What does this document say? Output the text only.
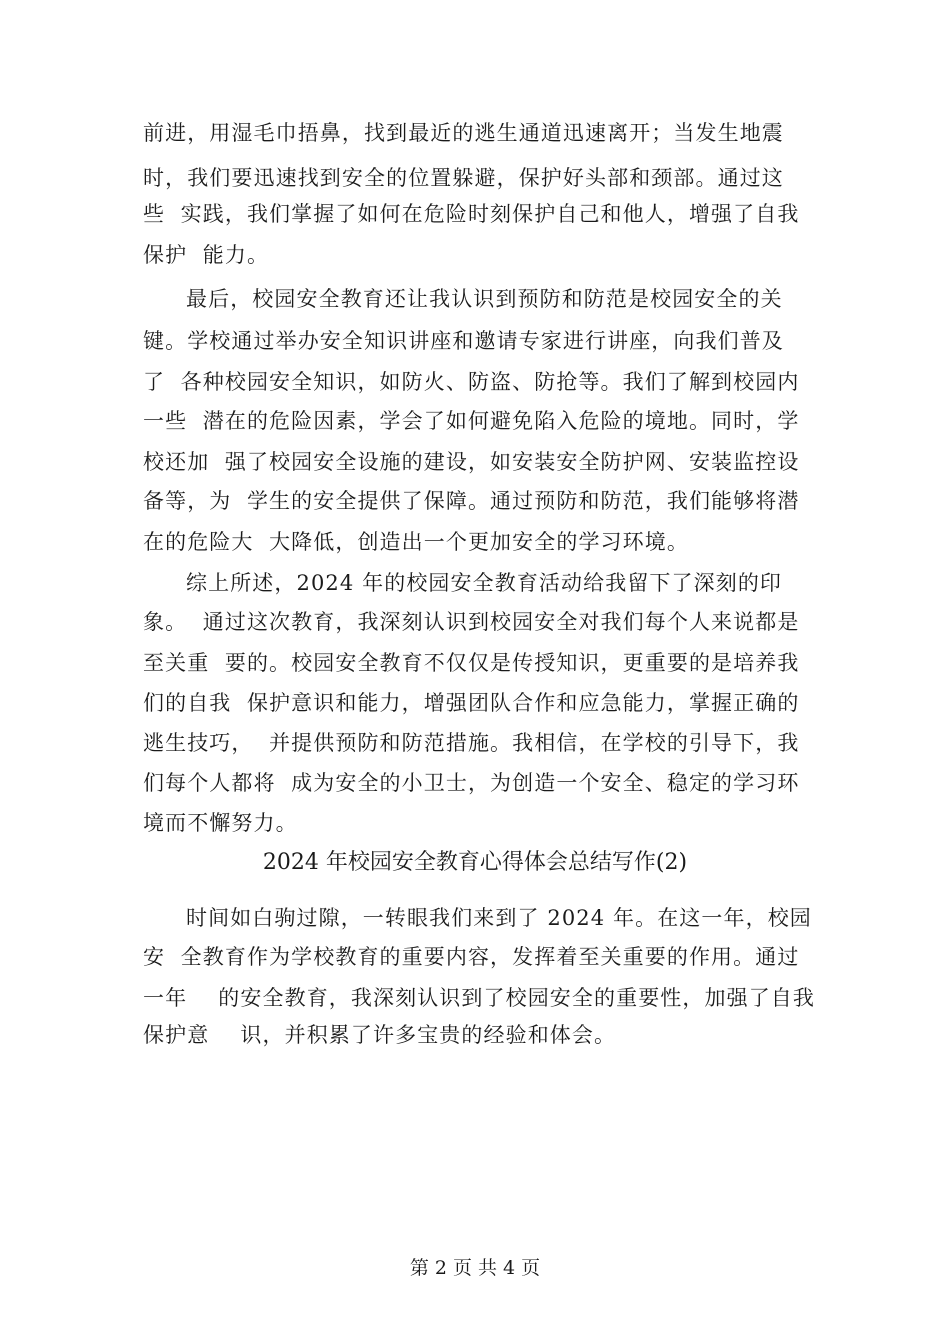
前进，用湿毛巾捂鼻，找到最近的逃生通道迅速离开；当发生地震
时，我们要迅速找到安全的位置躲避，保护好头部和颈部。通过这
些  实践，我们掌握了如何在危险时刻保护自己和他人，增强了自我
保护  能力。
最后，校园安全教育还让我认识到预防和防范是校园安全的关
键。学校通过举办安全知识讲座和邀请专家进行讲座，向我们普及
了  各种校园安全知识，如防火、防盗、防抢等。我们了解到校园内
一些  潜在的危险因素，学会了如何避免陷入危险的境地。同时，学
校还加  强了校园安全设施的建设，如安装安全防护网、安装监控设
备等，为  学生的安全提供了保障。通过预防和防范，我们能够将潜
在的危险大  大降低，创造出一个更加安全的学习环境。
综上所述，2024 年的校园安全教育活动给我留下了深刻的印
象。  通过这次教育，我深刻认识到校园安全对我们每个人来说都是
至关重  要的。校园安全教育不仅仅是传授知识，更重要的是培养我
们的自我  保护意识和能力，增强团队合作和应急能力，掌握正确的
逃生技巧，  并提供预防和防范措施。我相信，在学校的引导下，我
们每个人都将  成为安全的小卫士，为创造一个安全、稳定的学习环
境而不懈努力。
2024 年校园安全教育心得体会总结写作(2)
时间如白驹过隙，一转眼我们来到了 2024 年。在这一年，校园
安  全教育作为学校教育的重要内容，发挥着至关重要的作用。通过
一年    的安全教育，我深刻认识到了校园安全的重要性，加强了自我
保护意    识，并积累了许多宝贵的经验和体会。
第 2 页 共 4 页
